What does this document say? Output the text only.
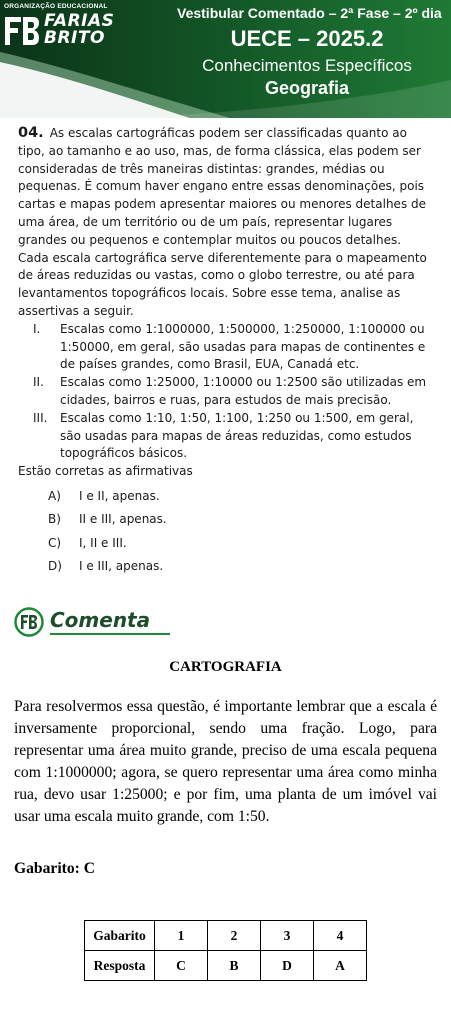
ORGANIZAÇÃO EDUCACIONAL
FARIAS
BRITO
Vestibular Comentado – 2ª Fase – 2º dia
UECE – 2025.2
Conhecimentos Específicos
Geografia

04. As escalas cartográficas podem ser classificadas quanto ao tipo, ao tamanho e ao uso, mas, de forma clássica, elas podem ser consideradas de três maneiras distintas: grandes, médias ou pequenas. É comum haver engano entre essas denominações, pois cartas e mapas podem apresentar maiores ou menores detalhes de uma área, de um território ou de um país, representar lugares grandes ou pequenos e contemplar muitos ou poucos detalhes. Cada escala cartográfica serve diferentemente para o mapeamento de áreas reduzidas ou vastas, como o globo terrestre, ou até para levantamentos topográficos locais. Sobre esse tema, analise as assertivas a seguir.

I. Escalas como 1:1000000, 1:500000, 1:250000, 1:100000 ou 1:50000, em geral, são usadas para mapas de continentes e de países grandes, como Brasil, EUA, Canadá etc.
II. Escalas como 1:25000, 1:10000 ou 1:2500 são utilizadas em cidades, bairros e ruas, para estudos de mais precisão.
III. Escalas como 1:10, 1:50, 1:100, 1:250 ou 1:500, em geral, são usadas para mapas de áreas reduzidas, como estudos topográficos básicos.

Estão corretas as afirmativas

A) I e II, apenas.
B) II e III, apenas.
C) I, II e III.
D) I e III, apenas.
Comenta
CARTOGRAFIA

Para resolvermos essa questão, é importante lembrar que a escala é inversamente proporcional, sendo uma fração. Logo, para representar uma área muito grande, preciso de uma escala pequena com 1:1000000; agora, se quero representar uma área como minha rua, devo usar 1:25000; e por fim, uma planta de um imóvel vai usar uma escala muito grande, com 1:50.

Gabarito: C

Gabarito	1	2	3	4
Resposta	C	B	D	A
